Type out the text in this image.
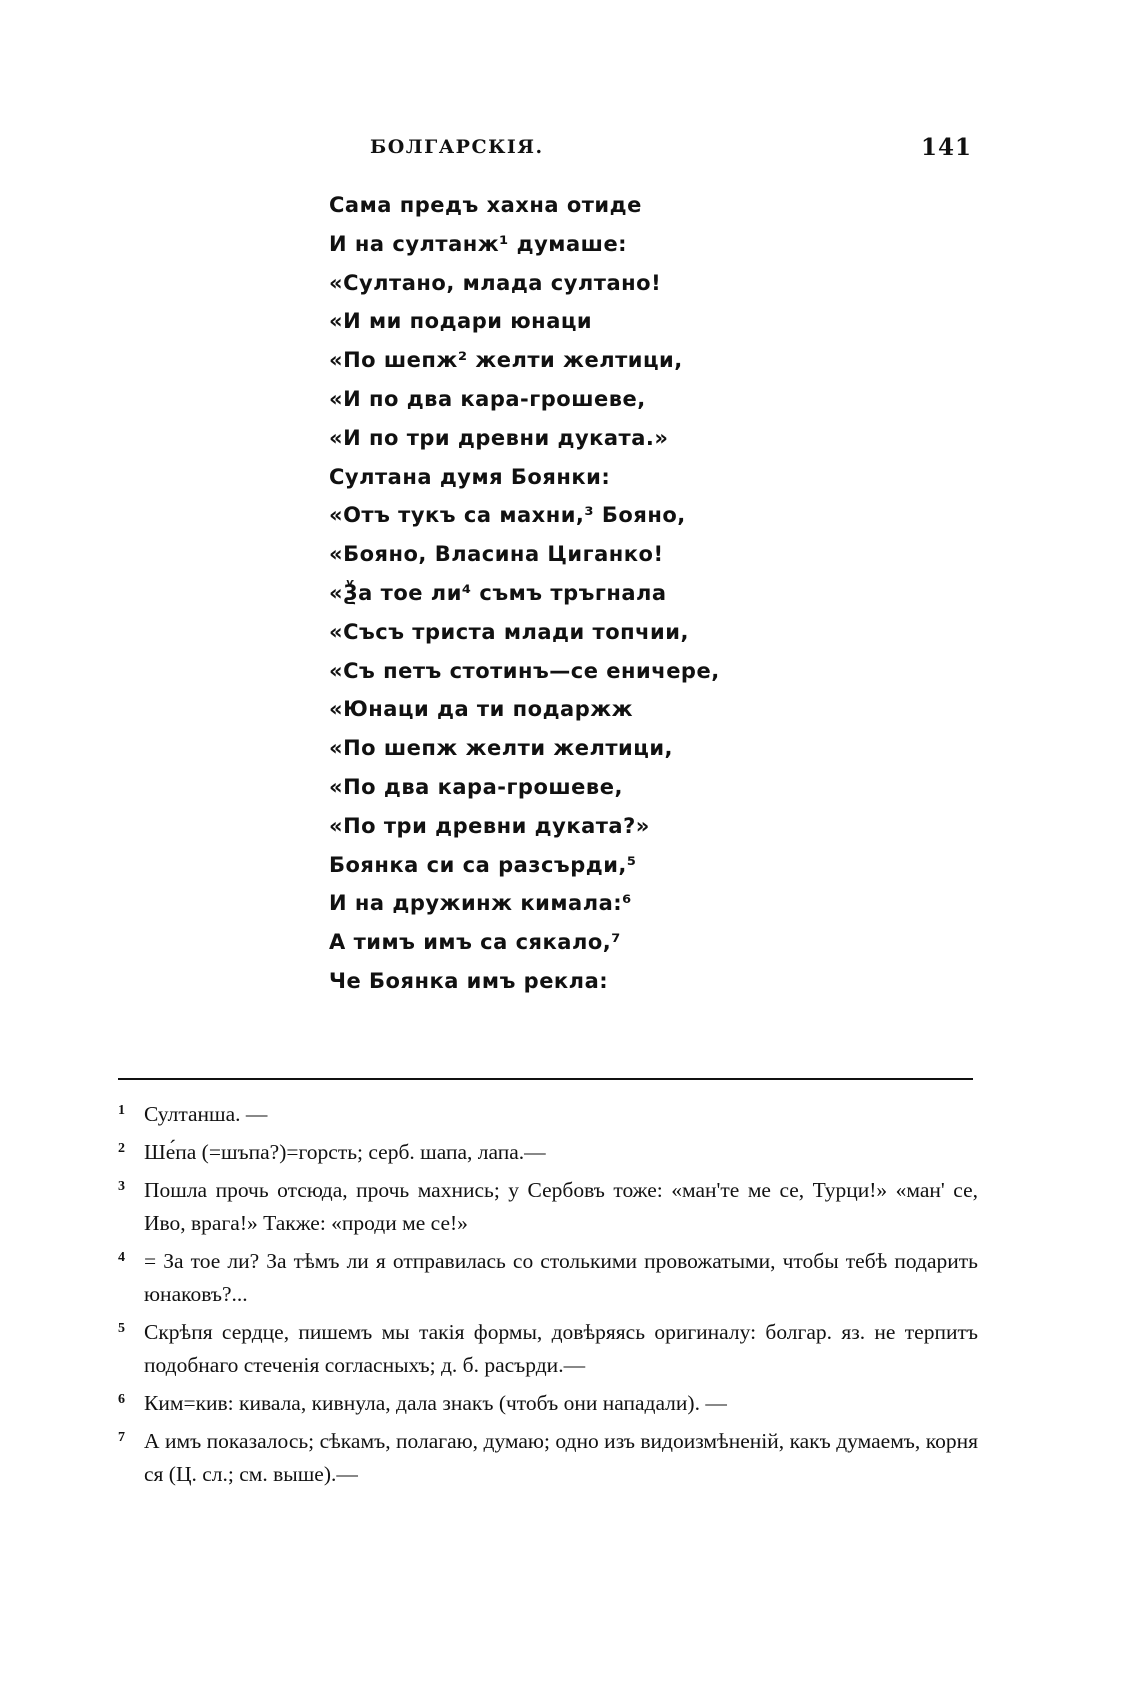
БОЛГАРСКІЯ.	141
Сама предъ хахна отиде
И на султанж¹ думаше:
«Султано, млада султано!
«И ми подари юнаци
«По шепж² желти желтици,
«И по два кара-грошеве,
«И по три древни дуката.»
Султана думя Боянки:
«Отъ тукъ са махни,³ Бояно,
«Бояно, Власина Циганко!
«Ѯа тое ли⁴ съмъ тръгнала
«Съсъ триста млади топчии,
«Съ петъ стотинъ—се еничере,
«Юнаци да ти подаржж
«По шепж желти желтици,
«По два кара-грошеве,
«По три древни дуката?»
Боянка си са разсърди,⁵
И на дружинж кимала:⁶
А тимъ имъ са сякало,⁷
Че Боянка имъ рекла:
1 Султанша. —
2 Ше́па (=шъпа?)=горсть; серб. шапа, лапа.—
3 Пошла прочь отсюда, прочь махнись; у Сербовъ тоже: «ман'те ме се, Турци!» «ман' се, Иво, врага!» Также: «проди ме се!»
4 = За тое ли? За тѣмъ ли я отправилась со столькими провожатыми, чтобы тебѣ подарить юнаковъ?...
5 Скрѣпя сердце, пишемъ мы такія формы, довѣряясь оригиналу: болгар. яз. не терпитъ подобнаго стеченія согласныхъ; д. б. расърди.—
6 Ким=кив: кивала, кивнула, дала знакъ (чтобъ они нападали). —
7 А имъ показалось; сѣкамъ, полагаю, думаю; одно изъ видоизмѣненій, какъ думаемъ, корня ся (Ц. сл.; см. выше).—
